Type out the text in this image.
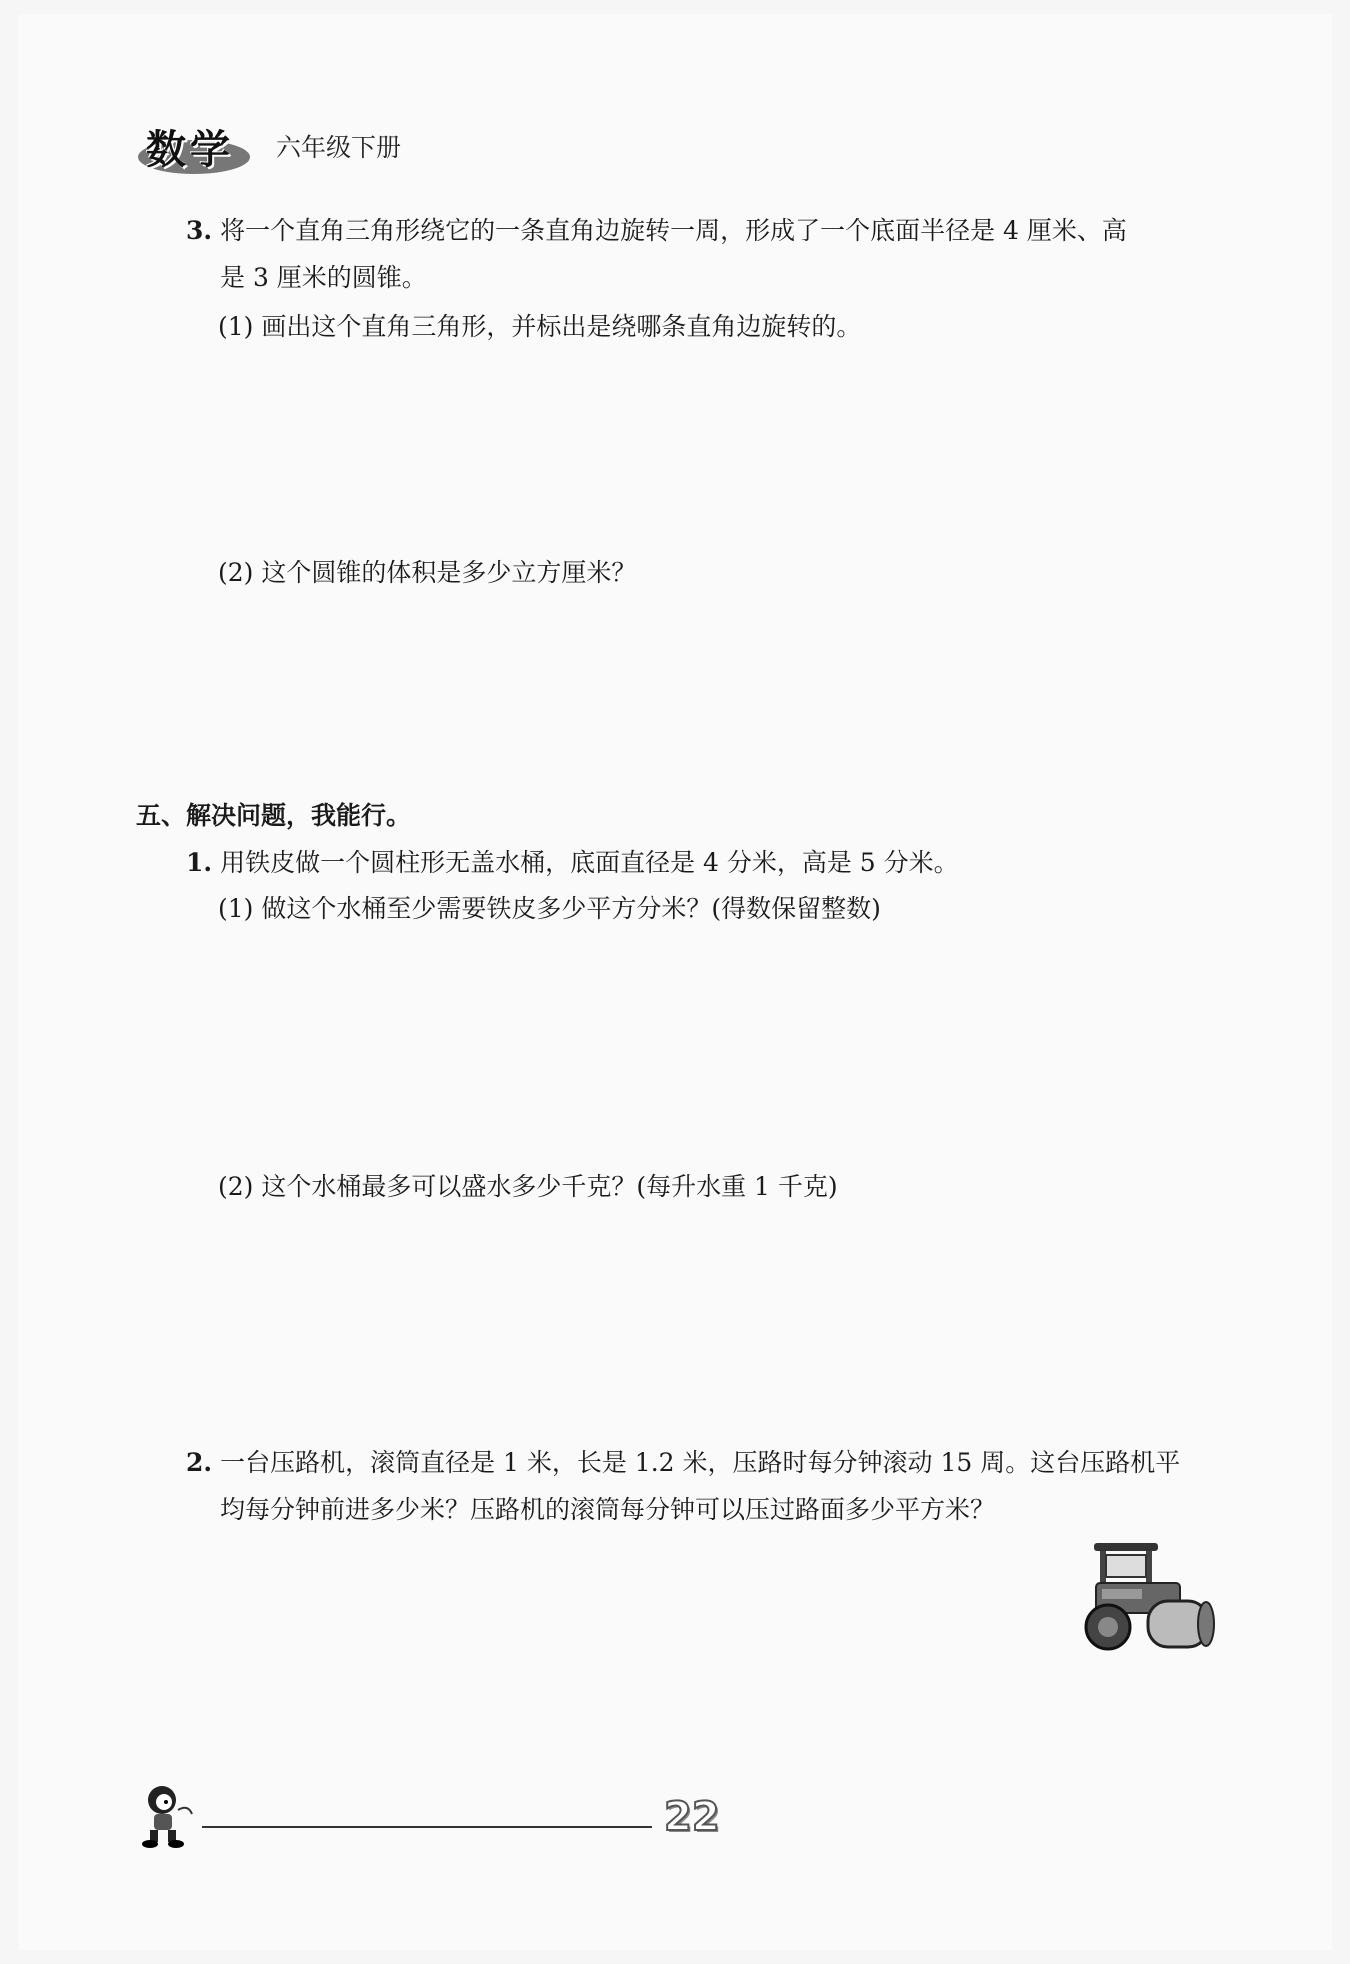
数学 六年级下册
3. 将一个直角三角形绕它的一条直角边旋转一周，形成了一个底面半径是 4 厘米、高
是 3 厘米的圆锥。
(1) 画出这个直角三角形，并标出是绕哪条直角边旋转的。
(2) 这个圆锥的体积是多少立方厘米？
五、解决问题，我能行。
1. 用铁皮做一个圆柱形无盖水桶，底面直径是 4 分米，高是 5 分米。
(1) 做这个水桶至少需要铁皮多少平方分米？(得数保留整数)
(2) 这个水桶最多可以盛水多少千克？(每升水重 1 千克)
2. 一台压路机，滚筒直径是 1 米，长是 1.2 米，压路时每分钟滚动 15 周。这台压路机平
均每分钟前进多少米？压路机的滚筒每分钟可以压过路面多少平方米？
22
